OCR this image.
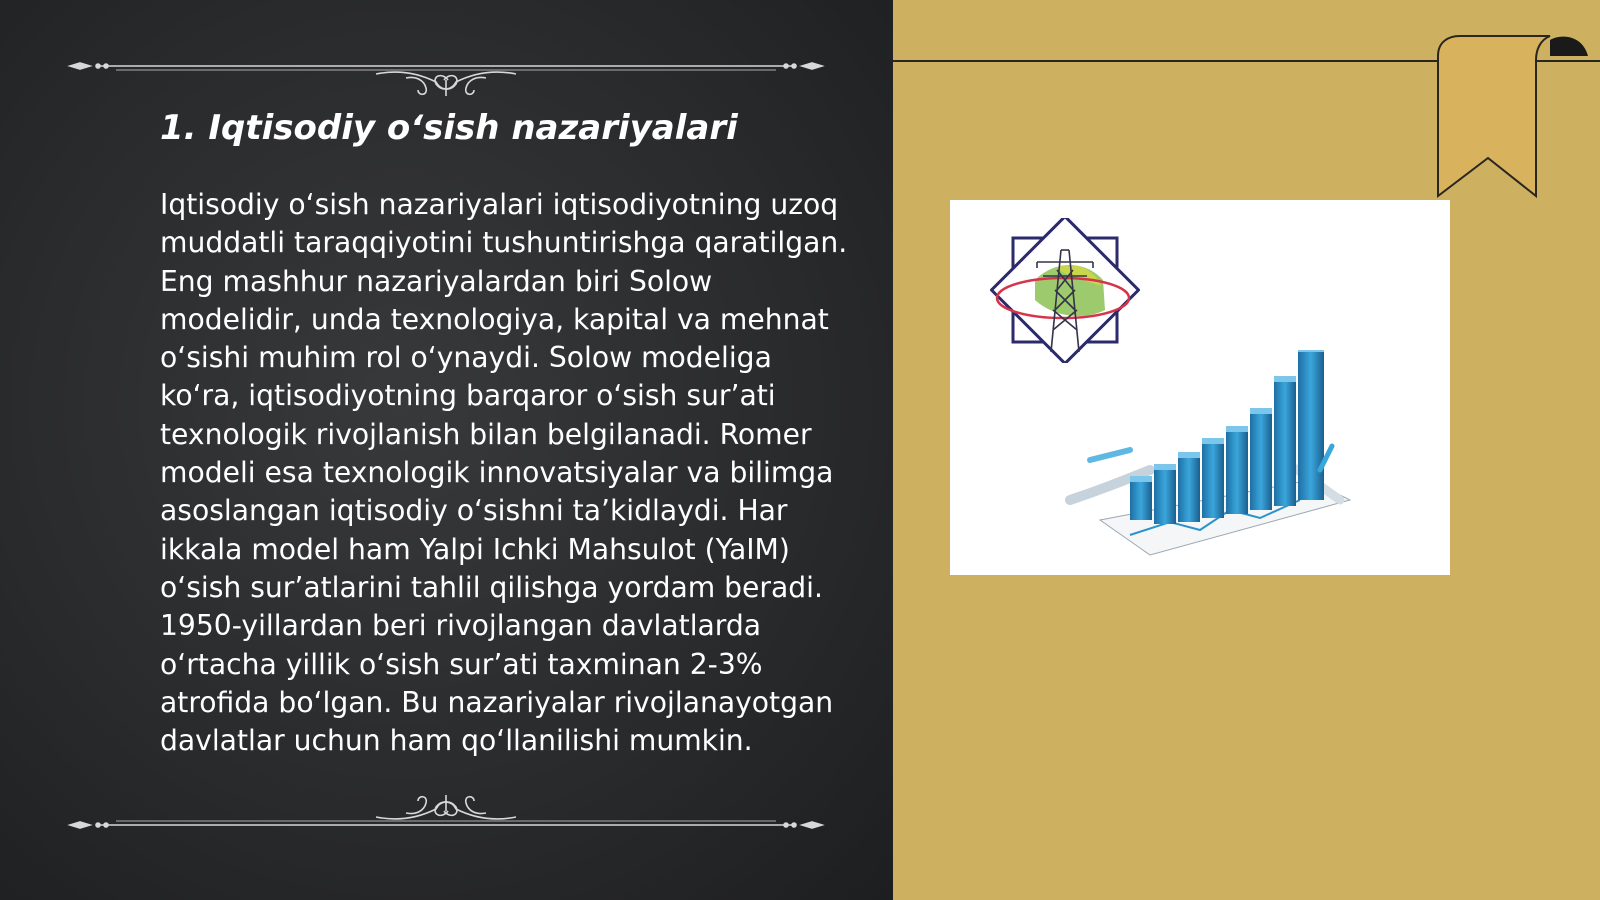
1. Iqtisodiy o‘sish nazariyalari

Iqtisodiy o‘sish nazariyalari iqtisodiyotning uzoq muddatli taraqqiyotini tushuntirishga qaratilgan. Eng mashhur nazariyalardan biri Solow modelidir, unda texnologiya, kapital va mehnat o‘sishi muhim rol o‘ynaydi. Solow modeliga ko‘ra, iqtisodiyotning barqaror o‘sish sur’ati texnologik rivojlanish bilan belgilanadi. Romer modeli esa texnologik innovatsiyalar va bilimga asoslangan iqtisodiy o‘sishni ta’kidlaydi. Har ikkala model ham Yalpi Ichki Mahsulot (YaIM) o‘sish sur’atlarini tahlil qilishga yordam beradi. 1950-yillardan beri rivojlangan davlatlarda o‘rtacha yillik o‘sish sur’ati taxminan 2-3% atrofida bo‘lgan. Bu nazariyalar rivojlanayotgan davlatlar uchun ham qo‘llanilishi mumkin.
